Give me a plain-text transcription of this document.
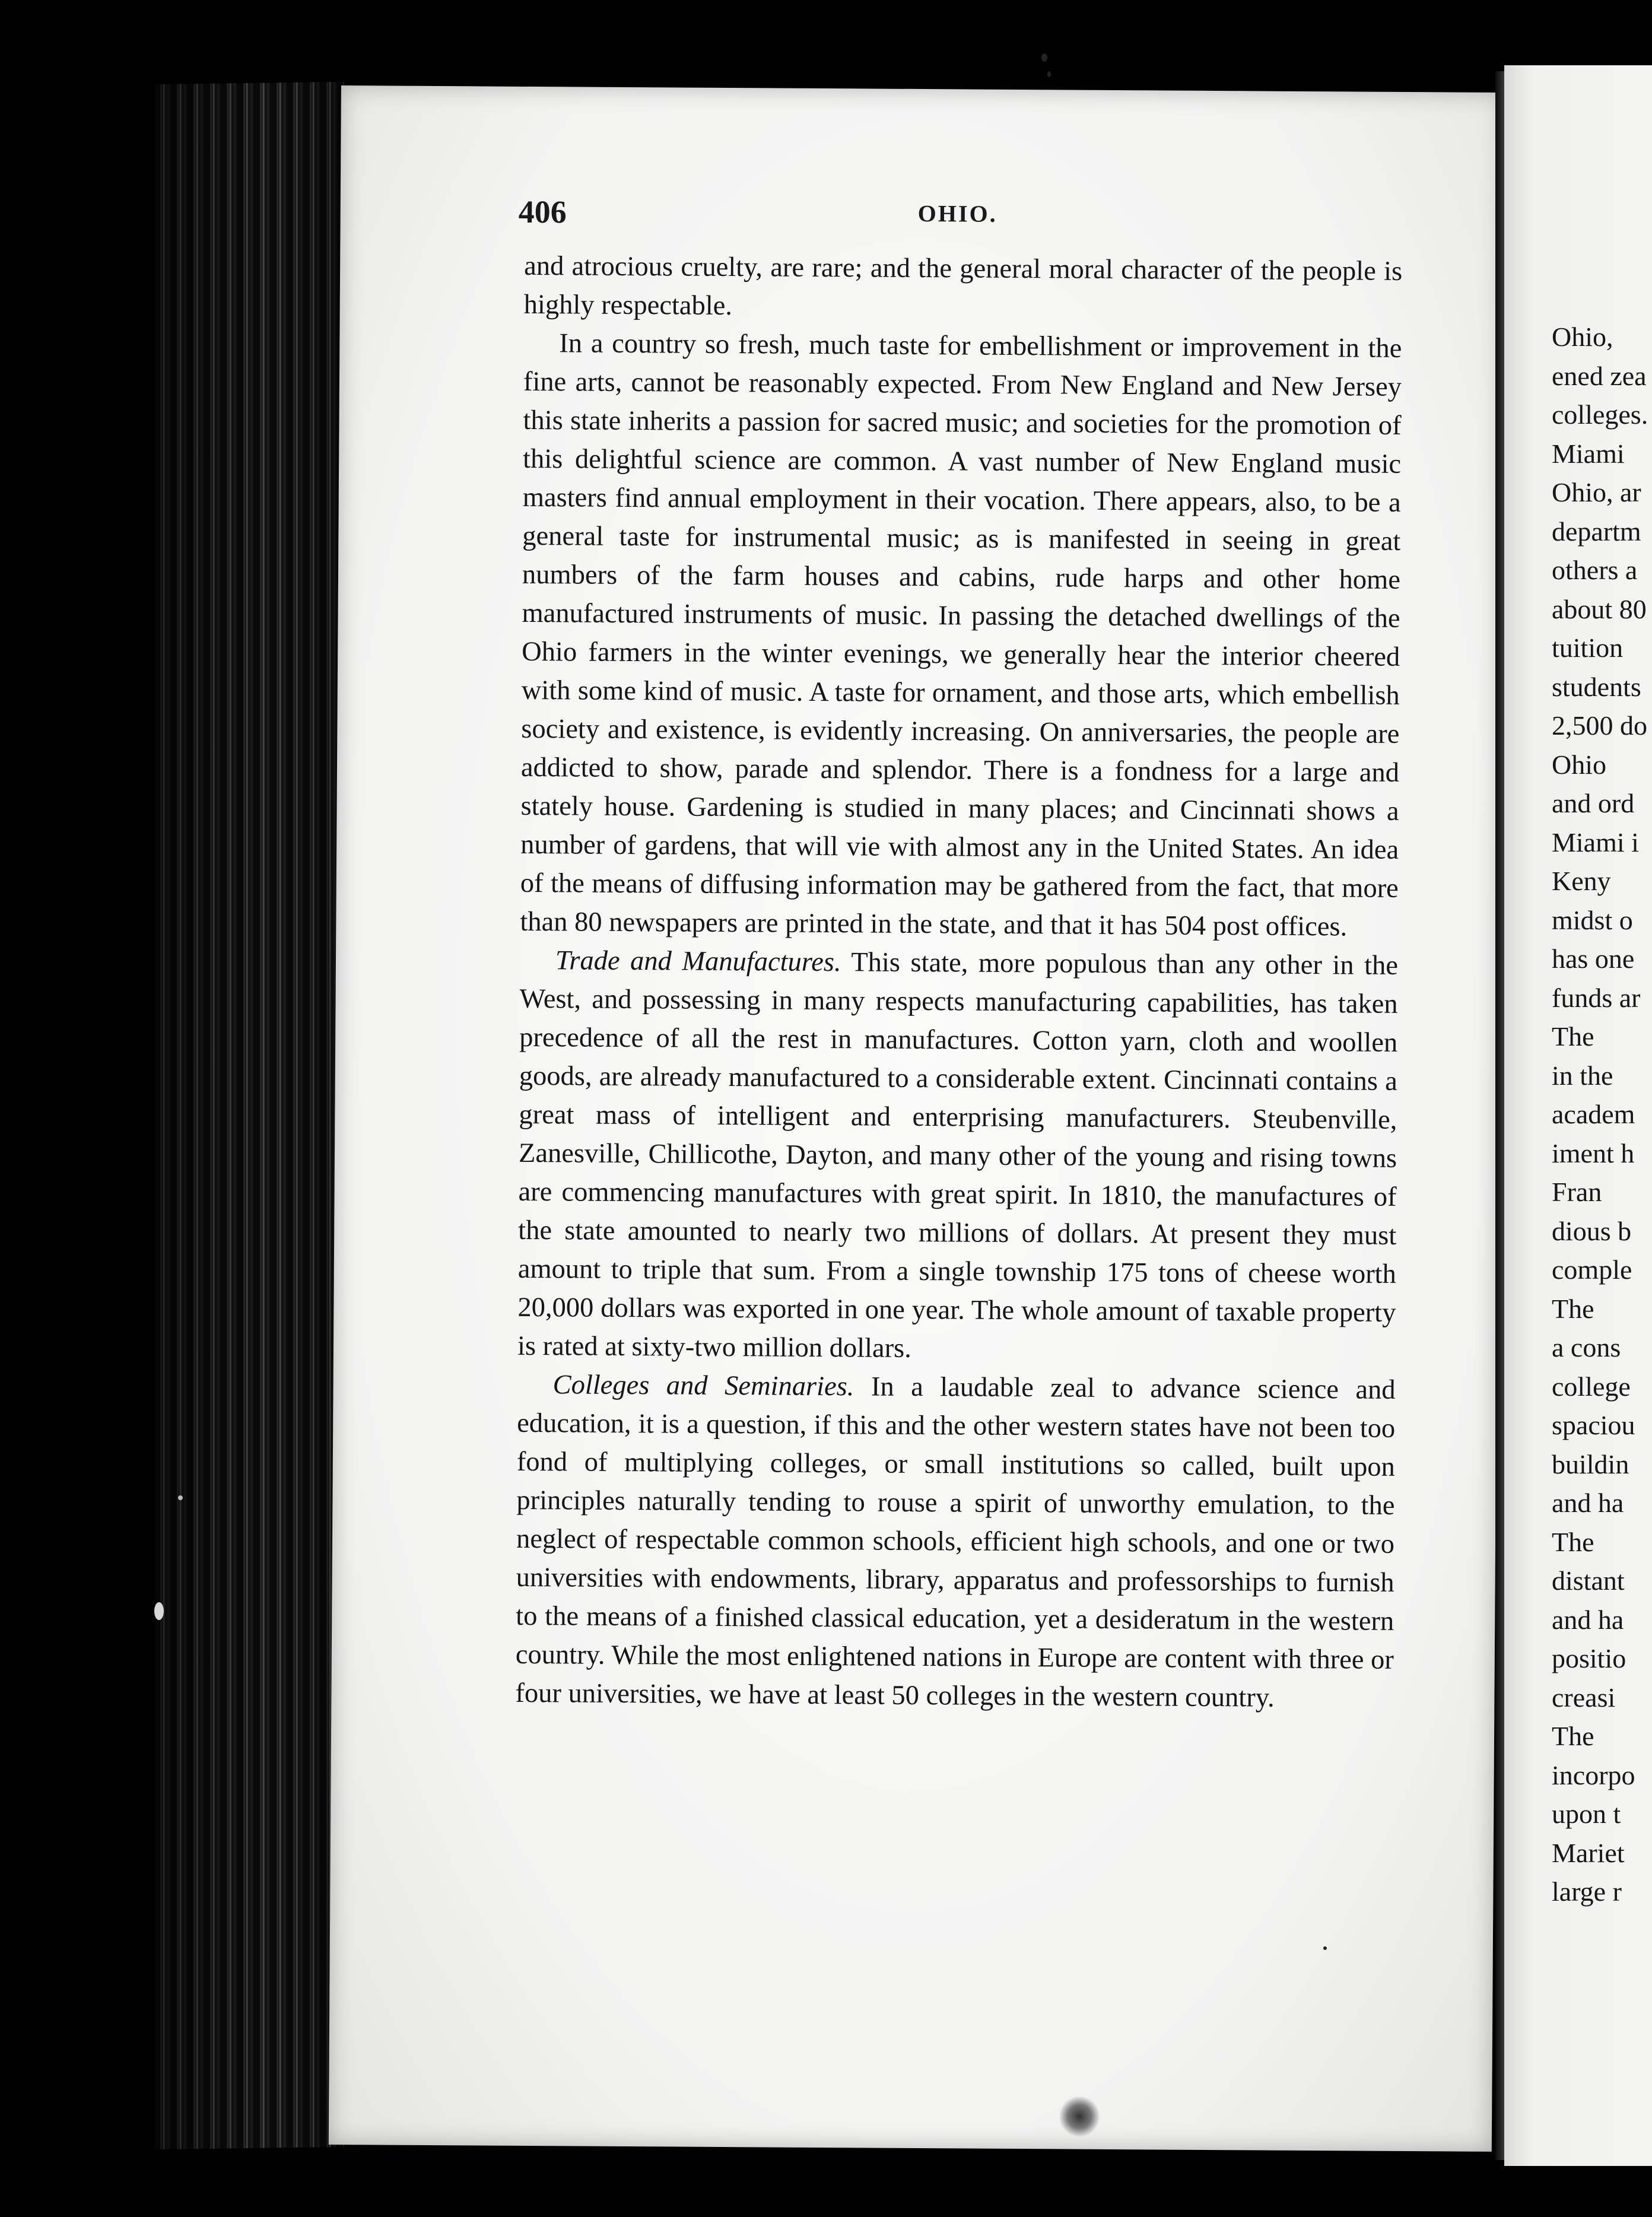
406	OHIO.

and atrocious cruelty, are rare; and the general moral character of the people is highly respectable.

In a country so fresh, much taste for embellishment or improvement in the fine arts, cannot be reasonably expected. From New England and New Jersey this state inherits a passion for sacred music; and societies for the promotion of this delightful science are common. A vast number of New England music masters find annual employment in their vocation. There appears, also, to be a general taste for instrumental music; as is manifested in seeing in great numbers of the farm houses and cabins, rude harps and other home manufactured instruments of music. In passing the detached dwellings of the Ohio farmers in the winter evenings, we generally hear the interior cheered with some kind of music. A taste for ornament, and those arts, which embellish society and existence, is evidently increasing. On anniversaries, the people are addicted to show, parade and splendor. There is a fondness for a large and stately house. Gardening is studied in many places; and Cincinnati shows a number of gardens, that will vie with almost any in the United States. An idea of the means of diffusing information may be gathered from the fact, that more than 80 newspapers are printed in the state, and that it has 504 post offices.

Trade and Manufactures. This state, more populous than any other in the West, and possessing in many respects manufacturing capabilities, has taken precedence of all the rest in manufactures. Cotton yarn, cloth and woollen goods, are already manufactured to a considerable extent. Cincinnati contains a great mass of intelligent and enterprising manufacturers. Steubenville, Zanesville, Chillicothe, Dayton, and many other of the young and rising towns are commencing manufactures with great spirit. In 1810, the manufactures of the state amounted to nearly two millions of dollars. At present they must amount to triple that sum. From a single township 175 tons of cheese worth 20,000 dollars was exported in one year. The whole amount of taxable property is rated at sixty-two million dollars.

Colleges and Seminaries. In a laudable zeal to advance science and education, it is a question, if this and the other western states have not been too fond of multiplying colleges, or small institutions so called, built upon principles naturally tending to rouse a spirit of unworthy emulation, to the neglect of respectable common schools, efficient high schools, and one or two universities with endowments, library, apparatus and professorships to furnish to the means of a finished classical education, yet a desideratum in the western country. While the most enlightened nations in Europe are content with three or four universities, we have at least 50 colleges in the western country.

Ohio,
ened zea
colleges.
Miami
Ohio, ar
departm
others a
about 80
tuition
students
2,500 do
Ohio
and ord
Miami i
Keny
midst o
has one
funds ar
The
in the
academ
iment h
Fran
dious b
comple
The
a cons
college
spaciou
buildin
and ha
The
distant
and ha
positio
creasi
The
incorpo
upon t
Mariet
large r
